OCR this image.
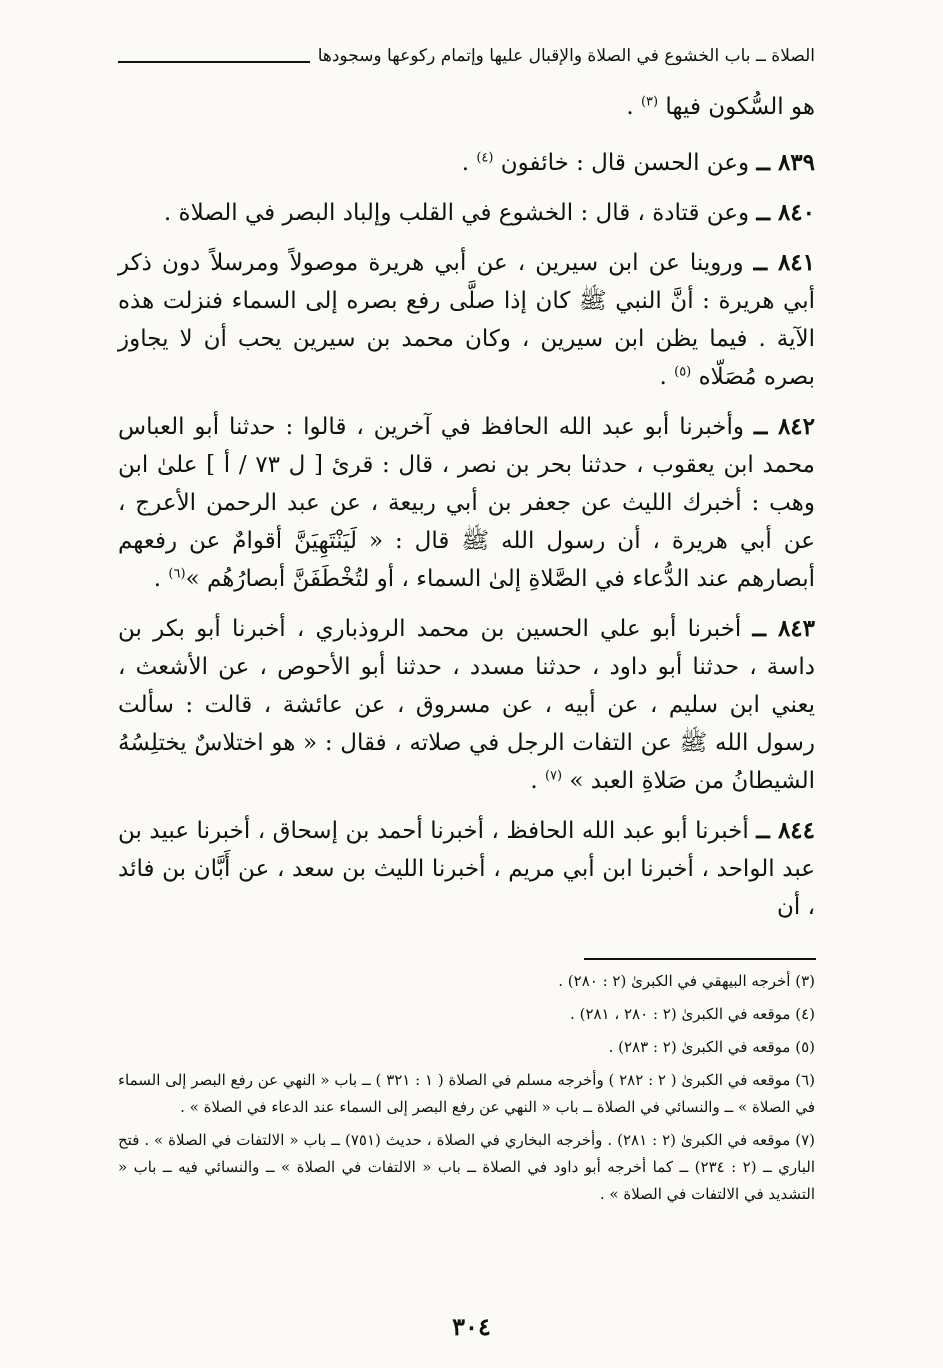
الصلاة ــ باب الخشوع في الصلاة والإقبال عليها وإتمام ركوعها وسجودها

هو السُّكون فيها $^{(٣)}$ .

٨٣٩ ــ وعن الحسن قال : خائفون $^{(٤)}$ .

٨٤٠ ــ وعن قتادة ، قال : الخشوع في القلب وإلباد البصر في الصلاة .

٨٤١ ــ وروينا عن ابن سيرين ، عن أبي هريرة موصولاً ومرسلاً دون ذكر أبي هريرة : أنَّ النبي ﷺ كان إذا صلَّى رفع بصره إلى السماء فنزلت هذه الآية . فيما يظن ابن سيرين ، وكان محمد بن سيرين يحب أن لا يجاوز بصره مُصَلّاه $^{(٥)}$ .

٨٤٢ ــ وأخبرنا أبو عبد الله الحافظ في آخرين ، قالوا : حدثنا أبو العباس محمد ابن يعقوب ، حدثنا بحر بن نصر ، قال : قرئ [ ل ٧٣ / أ ] علىٰ ابن وهب : أخبرك الليث عن جعفر بن أبي ربيعة ، عن عبد الرحمن الأعرج ، عن أبي هريرة ، أن رسول الله ﷺ قال : « لَيَنْتَهِيَنَّ أقوامٌ عن رفعهم أبصارهم عند الدُّعاء في الصَّلاةِ إلىٰ السماء ، أو لتُخْطَفَنَّ أبصارُهُم »$^{(٦)}$ .

٨٤٣ ــ أخبرنا أبو علي الحسين بن محمد الروذباري ، أخبرنا أبو بكر بن داسة ، حدثنا أبو داود ، حدثنا مسدد ، حدثنا أبو الأحوص ، عن الأشعث ، يعني ابن سليم ، عن أبيه ، عن مسروق ، عن عائشة ، قالت : سألت رسول الله ﷺ عن التفات الرجل في صلاته ، فقال : « هو اختلاسٌ يختلِسُهُ الشيطانُ من صَلاةِ العبد » $^{(٧)}$ .

٨٤٤ ــ أخبرنا أبو عبد الله الحافظ ، أخبرنا أحمد بن إسحاق ، أخبرنا عبيد بن عبد الواحد ، أخبرنا ابن أبي مريم ، أخبرنا الليث بن سعد ، عن أَبَّان بن فائد ، أن

(٣) أخرجه البيهقي في الكبرىٰ (٢ : ٢٨٠) .

(٤) موقعه في الكبرىٰ (٢ : ٢٨٠ ، ٢٨١) .

(٥) موقعه في الكبرىٰ (٢ : ٢٨٣) .

(٦) موقعه في الكبرىٰ ( ٢ : ٢٨٢ ) وأخرجه مسلم في الصلاة ( ١ : ٣٢١ ) ــ باب « النهي عن رفع البصر إلى السماء في الصلاة » ــ والنسائي في الصلاة ــ باب « النهي عن رفع البصر إلى السماء عند الدعاء في الصلاة » .

(٧) موقعه في الكبرىٰ (٢ : ٢٨١) . وأخرجه البخاري في الصلاة ، حديث (٧٥١) ــ باب « الالتفات في الصلاة » . فتح الباري ــ (٢ : ٢٣٤) ــ كما أخرجه أبو داود في الصلاة ــ باب « الالتفات في الصلاة » ــ والنسائي فيه ــ باب « التشديد في الالتفات في الصلاة » .

٣٠٤
